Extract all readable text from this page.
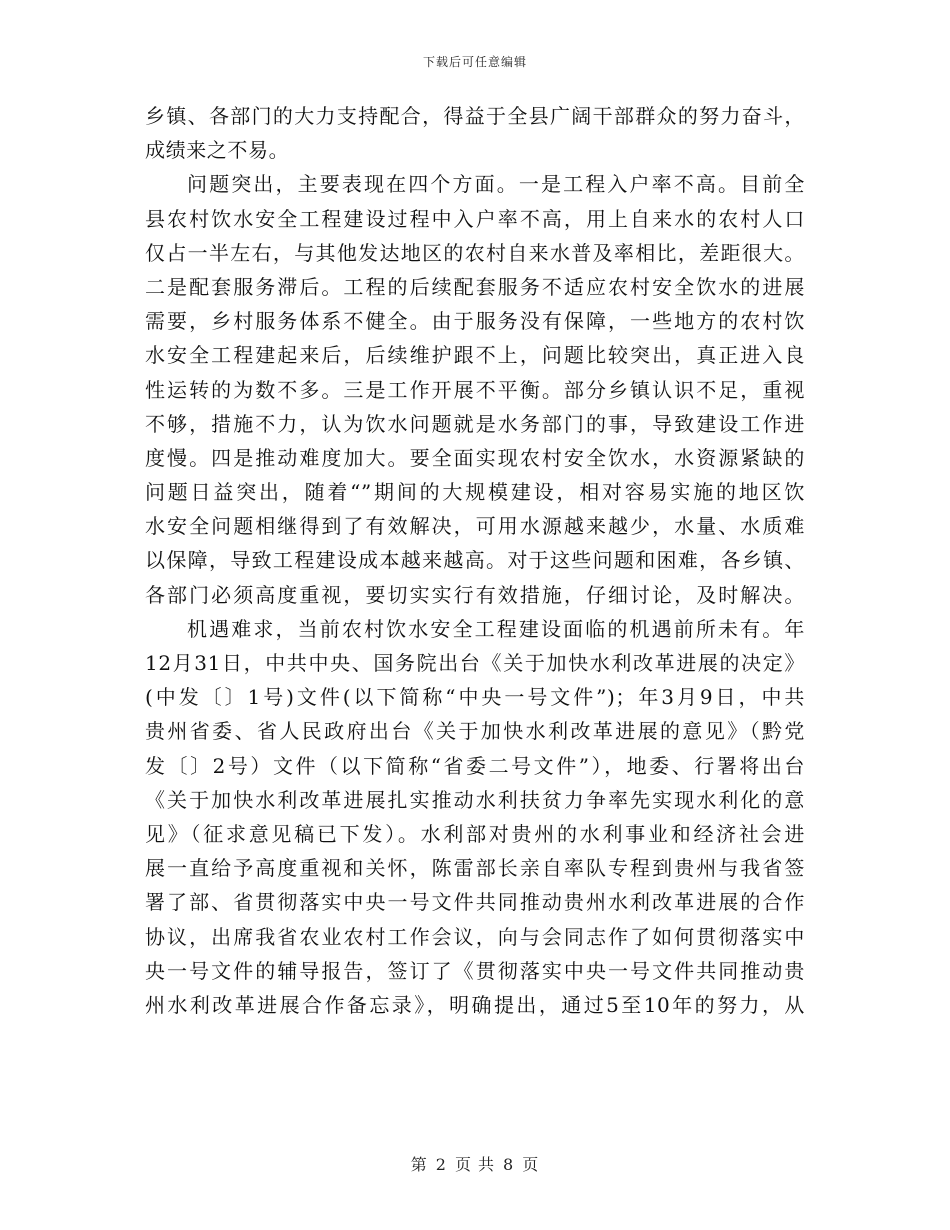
下载后可任意编辑
乡镇、各部门的大力支持配合，得益于全县广阔干部群众的努力奋斗，
成绩来之不易。
问题突出，主要表现在四个方面。一是工程入户率不高。目前全
县农村饮水安全工程建设过程中入户率不高，用上自来水的农村人口
仅占一半左右，与其他发达地区的农村自来水普及率相比，差距很大。
二是配套服务滞后。工程的后续配套服务不适应农村安全饮水的进展
需要，乡村服务体系不健全。由于服务没有保障，一些地方的农村饮
水安全工程建起来后，后续维护跟不上，问题比较突出，真正进入良
性运转的为数不多。三是工作开展不平衡。部分乡镇认识不足，重视
不够，措施不力，认为饮水问题就是水务部门的事，导致建设工作进
度慢。四是推动难度加大。要全面实现农村安全饮水，水资源紧缺的
问题日益突出，随着“”期间的大规模建设，相对容易实施的地区饮
水安全问题相继得到了有效解决，可用水源越来越少，水量、水质难
以保障，导致工程建设成本越来越高。对于这些问题和困难，各乡镇、
各部门必须高度重视，要切实实行有效措施，仔细讨论，及时解决。
机遇难求，当前农村饮水安全工程建设面临的机遇前所未有。年
12月31日，中共中央、国务院出台《关于加快水利改革进展的决定》
(中发〔〕1号)文件(以下简称“中央一号文件”)；年3月9日，中共
贵州省委、省人民政府出台《关于加快水利改革进展的意见》（黔党
发〔〕2号）文件（以下简称“省委二号文件”），地委、行署将出台
《关于加快水利改革进展扎实推动水利扶贫力争率先实现水利化的意
见》（征求意见稿已下发）。水利部对贵州的水利事业和经济社会进
展一直给予高度重视和关怀，陈雷部长亲自率队专程到贵州与我省签
署了部、省贯彻落实中央一号文件共同推动贵州水利改革进展的合作
协议，出席我省农业农村工作会议，向与会同志作了如何贯彻落实中
央一号文件的辅导报告，签订了《贯彻落实中央一号文件共同推动贵
州水利改革进展合作备忘录》，明确提出，通过5至10年的努力，从
第 2 页 共 8 页
